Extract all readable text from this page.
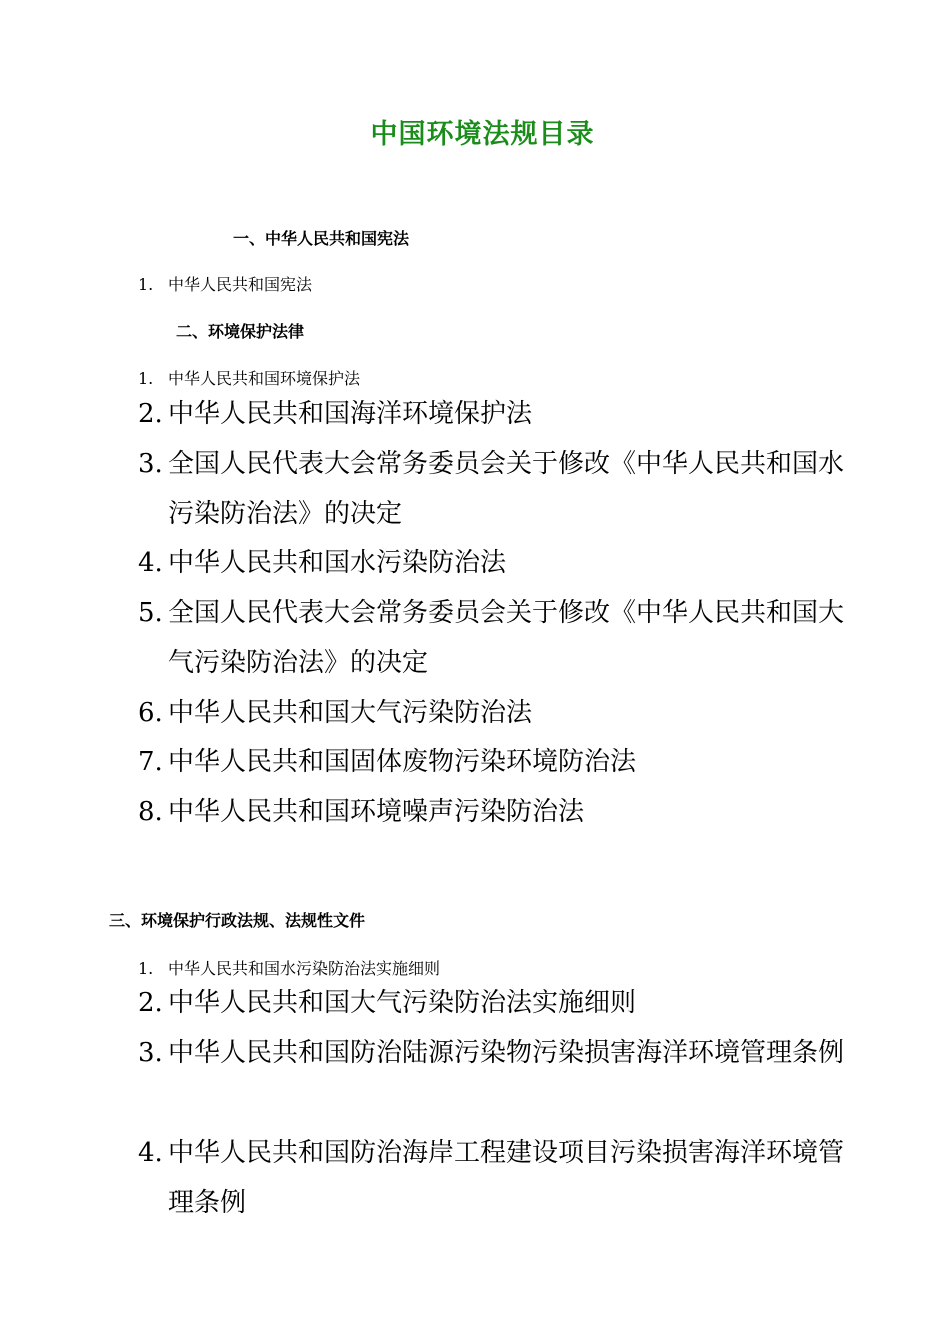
中国环境法规目录
一、中华人民共和国宪法
1. 中华人民共和国宪法
二、环境保护法律
1. 中华人民共和国环境保护法
2. 中华人民共和国海洋环境保护法
3. 全国人民代表大会常务委员会关于修改《中华人民共和国水污染防治法》的决定
4. 中华人民共和国水污染防治法
5. 全国人民代表大会常务委员会关于修改《中华人民共和国大气污染防治法》的决定
6. 中华人民共和国大气污染防治法
7. 中华人民共和国固体废物污染环境防治法
8. 中华人民共和国环境噪声污染防治法
三、环境保护行政法规、法规性文件
1. 中华人民共和国水污染防治法实施细则
2. 中华人民共和国大气污染防治法实施细则
3. 中华人民共和国防治陆源污染物污染损害海洋环境管理条例
4. 中华人民共和国防治海岸工程建设项目污染损害海洋环境管理条例
